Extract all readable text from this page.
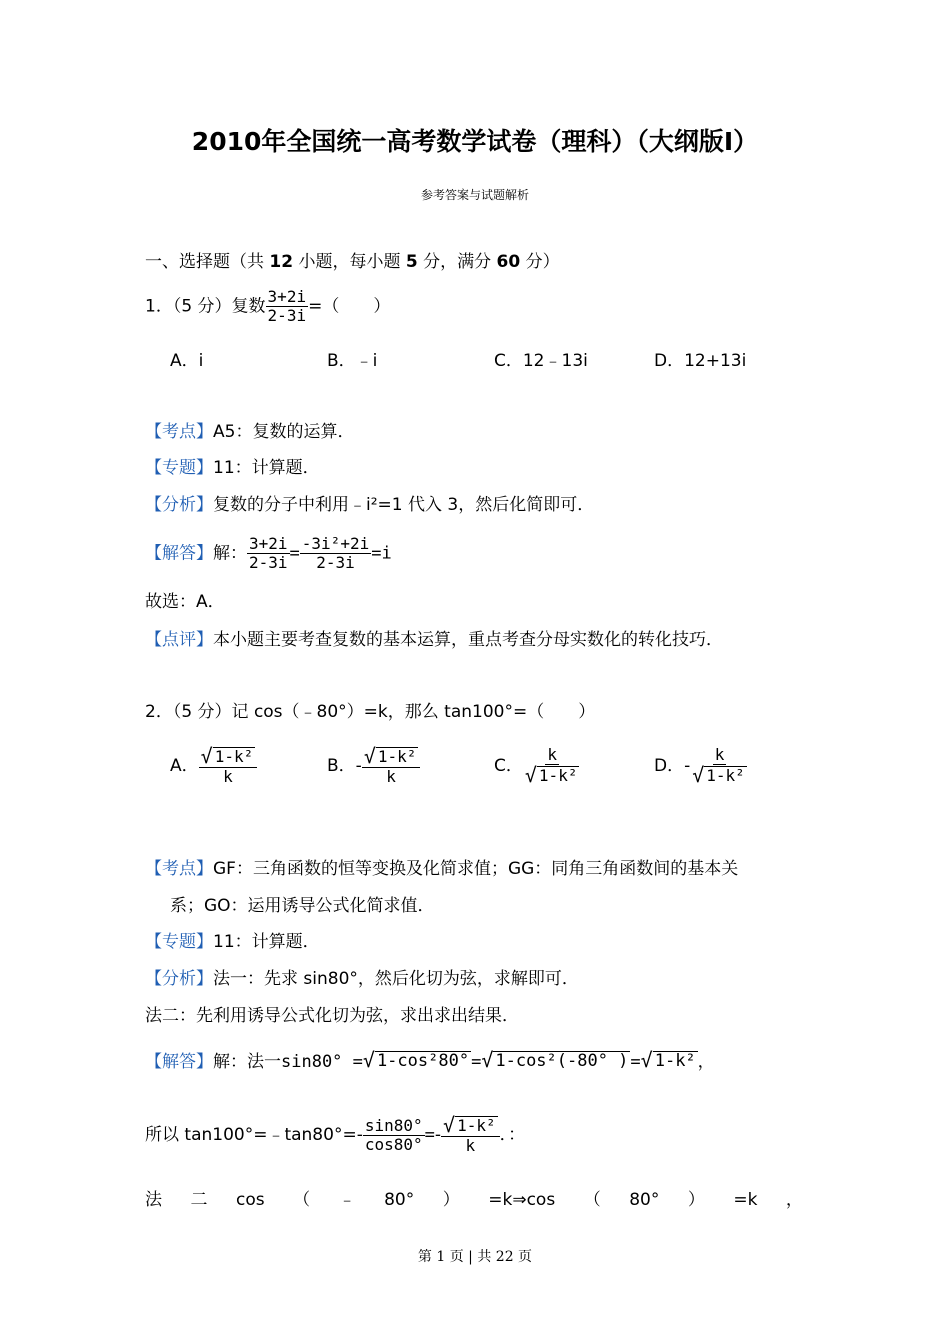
2010年全国统一高考数学试卷（理科）（大纲版Ⅰ）
参考答案与试题解析
一、选择题（共 12 小题，每小题 5 分，满分 60 分）
1．（5 分）复数 $\frac{3+2i}{2-3i}$ =（　　）
A．i	B．﹣i	C．12﹣13i	D．12+13i
【考点】A5：复数的运算．
【专题】11：计算题．
【分析】复数的分子中利用﹣i²=1 代入 3，然后化简即可．
【解答】解： $\frac{3+2i}{2-3i} = \frac{\text{-3i²+2i}}{2-3i} =i$
故选：A．
【点评】本小题主要考查复数的基本运算，重点考查分母实数化的转化技巧．
2．（5 分）记 cos（﹣80°）=k，那么 tan100°=（　　）
A． $\frac{\text{√ 1-k²}}{k}$	B．- $\frac{\text{√ 1-k²}}{k}$	C． $\frac{k}{\text{√ 1-k²}}$	D．- $\frac{k}{\text{√ 1-k²}}$
【考点】GF：三角函数的恒等变换及化简求值；GG：同角三角函数间的基本关
系；GO：运用诱导公式化简求值．
【专题】11：计算题．
【分析】法一：先求 sin80°，然后化切为弦，求解即可．
法二：先利用诱导公式化切为弦，求出求出结果．
【解答】解：法一sin80° = √ 1-cos²80° = √ 1-cos²(-80° ) = √ 1-k² ，
所以 tan100°=﹣tan80°=- $\frac{\sin 80^\circ}{\cos 80^\circ} =- \frac{\text{√ 1-k²}}{k}$ ．：
法 二 cos （ ﹣ 80° ） =k⇒cos （ 80° ） =k ，
第 1 页 | 共 22 页
